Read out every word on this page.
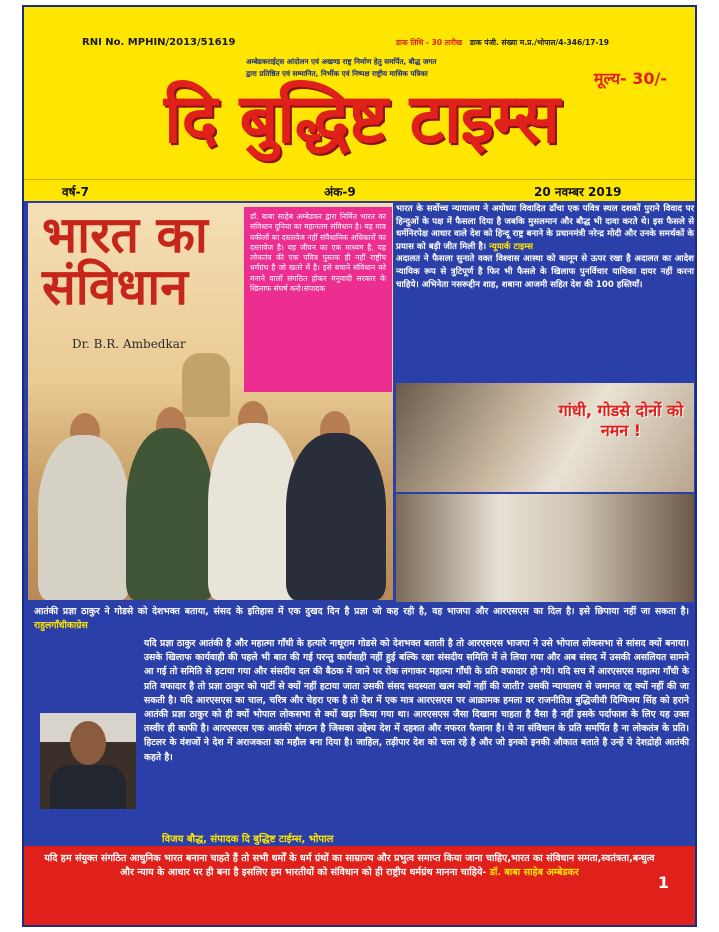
RNI No. MPHIN/2013/51619	डाक तिथि - 30 तारीख डाक पंजी. संख्या म.प्र./भोपाल/4-346/17-19
अम्बेडकराईट्स आंदोलन एवं अखण्ड राष्ट्र निर्माण हेतु समर्पित, बौद्ध जगत
द्वारा प्रतिष्ठित एवं सम्मानित, निर्भीक एवं निष्पक्ष राष्ट्रीय मासिक पत्रिका	मूल्य- 30/-
दि बुद्धिष्ट टाइम्स
वर्ष-7	अंक-9	20 नवम्बर 2019
भारत का संविधान
Dr. B.R. Ambedkar
डॉ. बाबा साहेब अम्बेडकर द्वारा निर्मित भारत का संविधान दुनिया का महानतम संविधान है। यह मात्र वकीलों का दस्तावेज नहीं संवैधानिक अधिकारों का दस्तावेज है। यह जीवन का एक माध्यम है, यह लोकतंत्र की एक पवित्र पुस्तक ही नहीं राष्ट्रीय धर्मग्रंथ है जो खतरे में है। इसे बचाने संविधान को मनाने वालों संगठित होकर मनुवादी सरकार के खिलाफ संघर्ष करो।संपादक
भारत के सर्वोच्च न्यायालय ने अयोध्या विवादित ढाँचा एक पवित्र स्थल दशकों पुराने विवाद पर हिन्दुओं के पक्ष में फैसला दिया है जबकि मुसलमान और बौद्ध भी दावा करते थे। इस फैसले से धर्मनिरपेक्ष आधार वाले देश को हिन्दू राष्ट्र बनाने के प्रधानमंत्री नरेन्द्र मोदी और उनके समर्थकों के प्रयास को बड़ी जीत मिली है। न्यूयार्क टाइम्स
अदालत ने फैसला सुनाते वक्त विश्वास आस्था को कानून से ऊपर रखा है अदालत का आदेश न्यायिक रूप से त्रुटिपूर्ण है फिर भी फैसले के खिलाफ पुनर्विचार याचिका दायर नहीं करना चाहिये। अभिनेता नसरूद्दीन शाह, शबाना आजमी सहित देश की 100 हस्तियाँ।
गांधी, गोडसे दोनों को नमन !
आतंकी प्रज्ञा ठाकुर ने गोडसे को देशभक्त बताया, संसद के इतिहास में एक दुखद दिन है प्रज्ञा जो कह रही है, वह भाजपा और आरएसएस का दिल है। इसे छिपाया नहीं जा सकता है। राहुलगाँधीकाग्रेस
यदि प्रज्ञा ठाकुर आतंकी है और महात्मा गाँधी के हत्यारे नाथूराम गोडसे को देशभक्त बताती है तो आरएसएस भाजपा ने उसे भोपाल लोकसभा से सांसद क्यों बनाया। उसके खिलाफ कार्यवाही की पहले भी बात की गई परन्तु कार्यवाही नहीं हुई बल्कि रक्षा संसदीय समिति में ले लिया गया और अब संसद में उसकी असलियत सामने आ गई तो समिति से हटाया गया और संसदीय दल की बैठक में जाने पर रोक लगाकर महात्मा गाँधी के प्रति वफादार हो गये। यदि सच में आरएसएस महात्मा गाँधी के प्रति वफादार है तो प्रज्ञा ठाकुर को पार्टी से क्यों नहीं हटाया जाता उसकी संसद सदस्यता खत्म क्यों नहीं की जाती? उसकी न्यायालय से जमानत रद्द क्यों नहीं की जा सकती है। यदि आरएसएस का चाल, चरित्र और चेहरा एक है तो देश में एक मात्र आरएसएस पर आक्रामक हमला वर राजनीतिज्ञ बुद्धिजीवी दिग्विजय सिंह को हराने आतंकी प्रज्ञा ठाकुर को ही क्यों भोपाल लोकसभा से क्यों खड़ा किया गया था। आरएसएस जैसा दिखाना चाहता है वैसा है नहीं इसके पर्दाफाश के लिए यह उक्त तस्वीर ही काफी है। आरएसएस एक आतंकी संगठन है जिसका उद्देश्य देश में दहशत और नफरत फैलाना है। ये ना संविधान के प्रति समर्पित है ना लोकतंत्र के प्रति। हिटलर के वंशजों ने देश में अराजकता का महौल बना दिया है। जाहिल, तड़ीपार देश को चला रहे है और जो इनको इनकी औकात बताते है उन्हें ये देशद्रोही आतंकी कहते है।
विजय बौद्ध, संपादक दि बुद्धिष्ट टाईम्स, भोपाल
यदि हम संयुक्त संगठित आधुनिक भारत बनाना चाहते हैं तो सभी धर्मों के धर्म ग्रंथों का साम्राज्य और प्रभुत्व समाप्त किया जाना चाहिए,भारत का संविधान समता,स्वतंत्रता,बन्धुत्व और न्याय के आधार पर ही बना है इसलिए हम भारतीयों को संविधान को ही राष्ट्रीय धर्मग्रंथ मानना चाहिये- डॉ. बाबा साहेब अम्बेडकर
1
